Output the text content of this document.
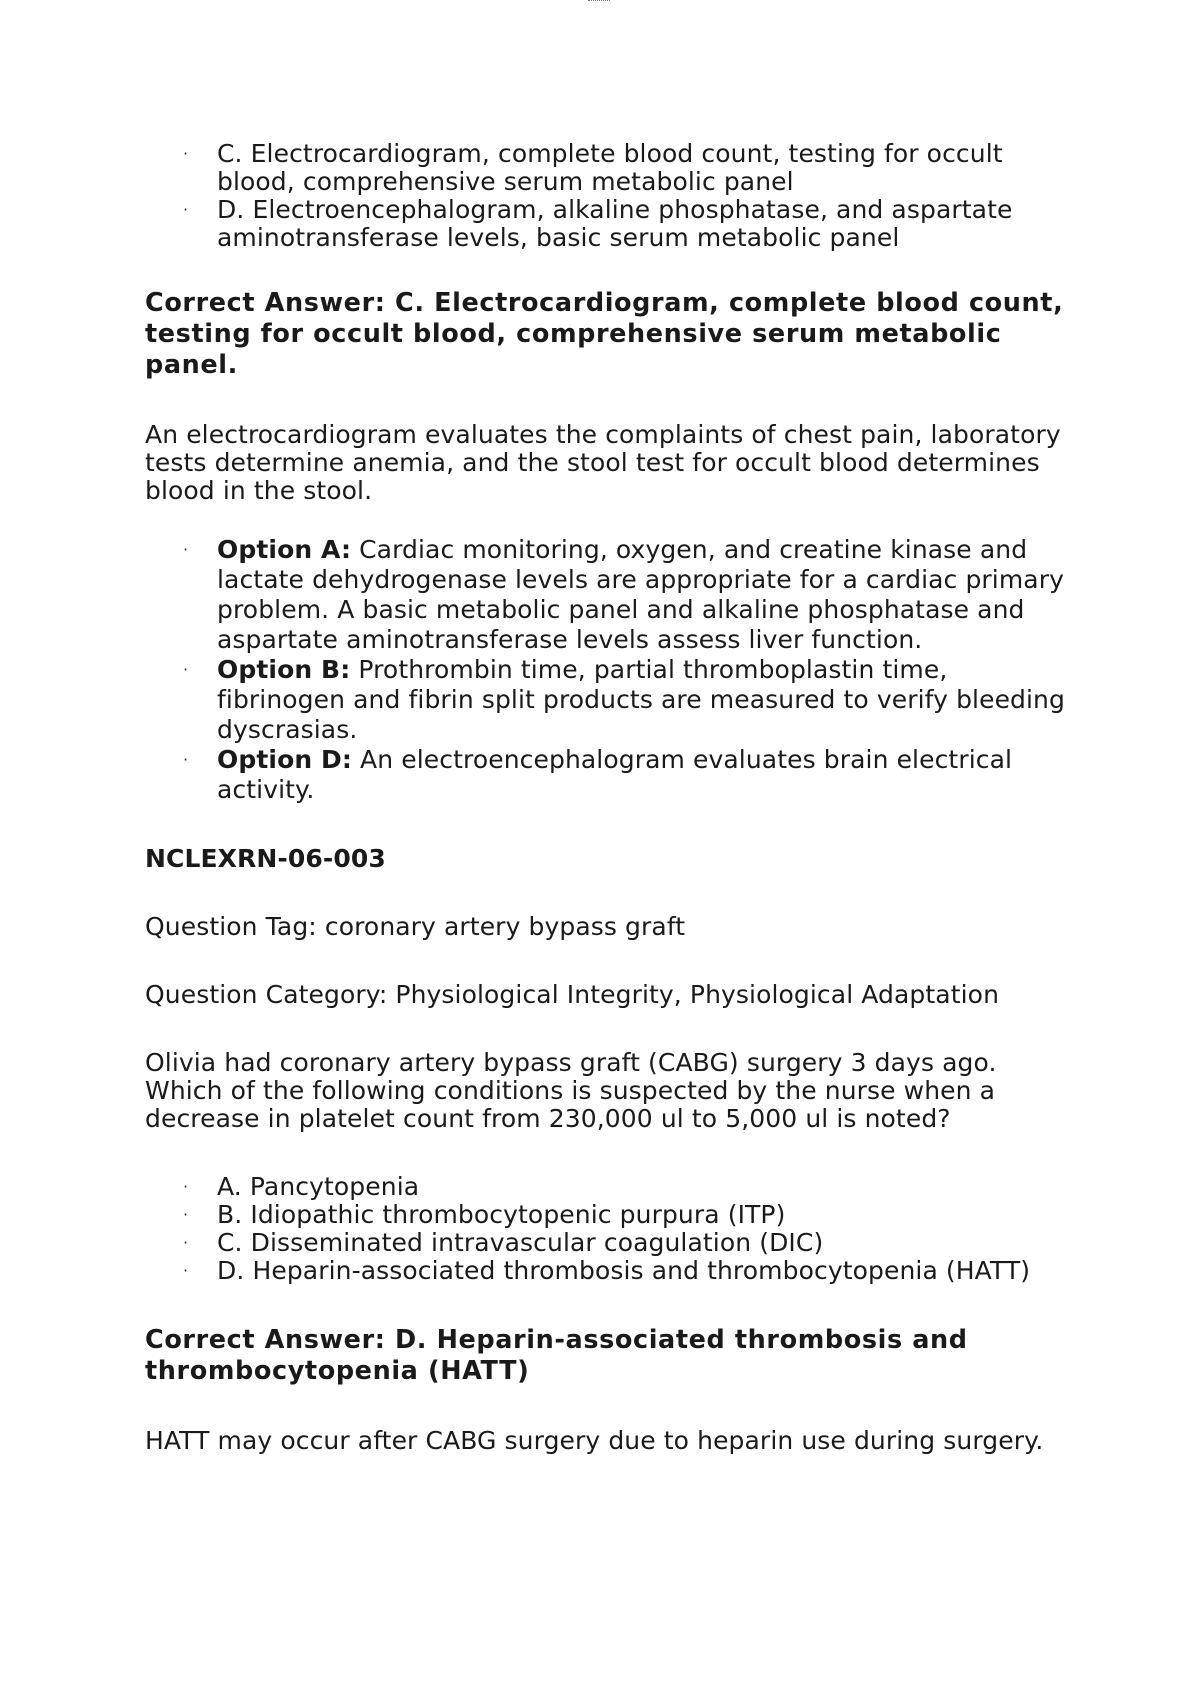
· C. Electrocardiogram, complete blood count, testing for occult blood, comprehensive serum metabolic panel
· D. Electroencephalogram, alkaline phosphatase, and aspartate aminotransferase levels, basic serum metabolic panel

Correct Answer: C. Electrocardiogram, complete blood count, testing for occult blood, comprehensive serum metabolic panel.

An electrocardiogram evaluates the complaints of chest pain, laboratory tests determine anemia, and the stool test for occult blood determines blood in the stool.

· Option A: Cardiac monitoring, oxygen, and creatine kinase and lactate dehydrogenase levels are appropriate for a cardiac primary problem. A basic metabolic panel and alkaline phosphatase and aspartate aminotransferase levels assess liver function.
· Option B: Prothrombin time, partial thromboplastin time, fibrinogen and fibrin split products are measured to verify bleeding dyscrasias.
· Option D: An electroencephalogram evaluates brain electrical activity.

NCLEXRN-06-003

Question Tag: coronary artery bypass graft

Question Category: Physiological Integrity, Physiological Adaptation

Olivia had coronary artery bypass graft (CABG) surgery 3 days ago. Which of the following conditions is suspected by the nurse when a decrease in platelet count from 230,000 ul to 5,000 ul is noted?

· A. Pancytopenia
· B. Idiopathic thrombocytopenic purpura (ITP)
· C. Disseminated intravascular coagulation (DIC)
· D. Heparin-associated thrombosis and thrombocytopenia (HATT)

Correct Answer: D. Heparin-associated thrombosis and thrombocytopenia (HATT)

HATT may occur after CABG surgery due to heparin use during surgery.
